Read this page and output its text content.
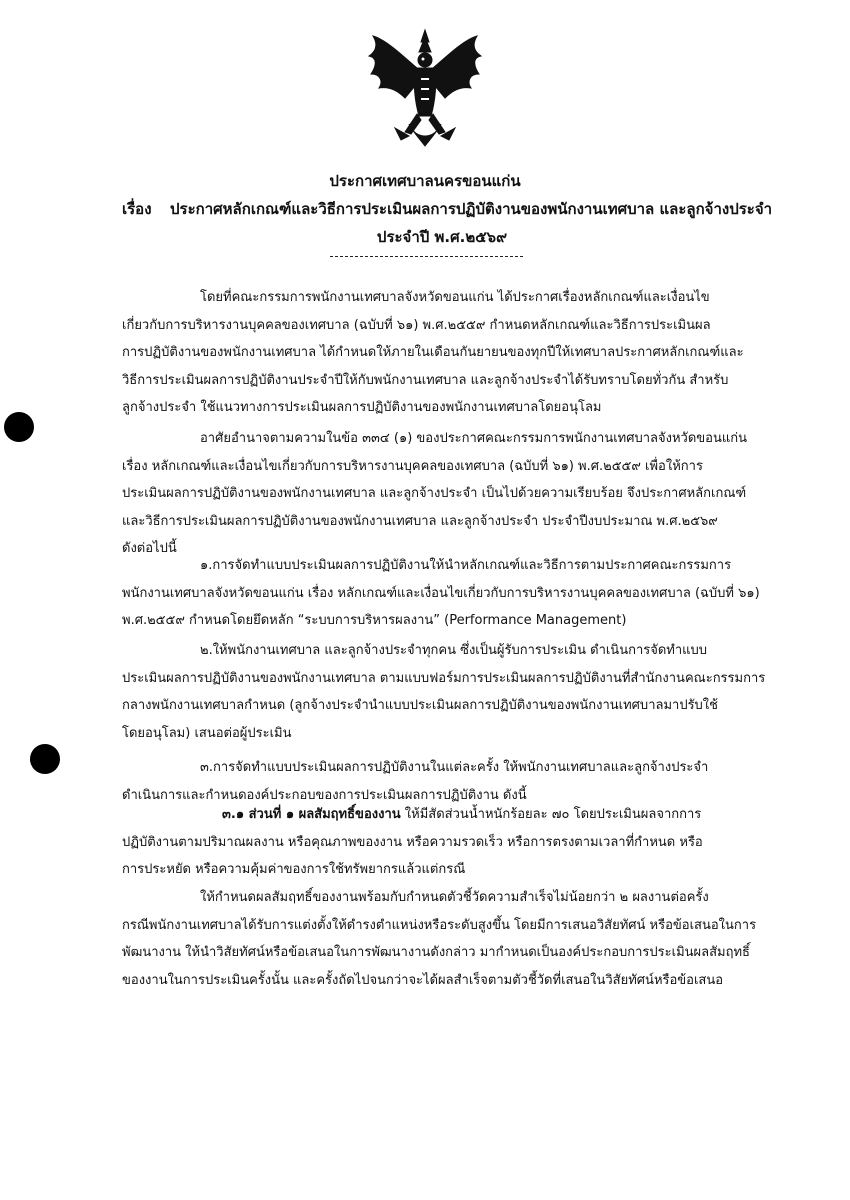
ประกาศเทศบาลนครขอนแก่น
เรื่อง ประกาศหลักเกณฑ์และวิธีการประเมินผลการปฏิบัติงานของพนักงานเทศบาล และลูกจ้างประจำ
ประจำปี พ.ศ.๒๕๖๙
โดยที่คณะกรรมการพนักงานเทศบาลจังหวัดขอนแก่น ได้ประกาศเรื่องหลักเกณฑ์และเงื่อนไข
เกี่ยวกับการบริหารงานบุคคลของเทศบาล (ฉบับที่ ๖๑) พ.ศ.๒๕๕๙ กำหนดหลักเกณฑ์และวิธีการประเมินผล
การปฏิบัติงานของพนักงานเทศบาล ได้กำหนดให้ภายในเดือนกันยายนของทุกปีให้เทศบาลประกาศหลักเกณฑ์และ
วิธีการประเมินผลการปฏิบัติงานประจำปีให้กับพนักงานเทศบาล และลูกจ้างประจำได้รับทราบโดยทั่วกัน สำหรับ
ลูกจ้างประจำ ใช้แนวทางการประเมินผลการปฏิบัติงานของพนักงานเทศบาลโดยอนุโลม
อาศัยอำนาจตามความในข้อ ๓๓๔ (๑) ของประกาศคณะกรรมการพนักงานเทศบาลจังหวัดขอนแก่น
เรื่อง หลักเกณฑ์และเงื่อนไขเกี่ยวกับการบริหารงานบุคคลของเทศบาล (ฉบับที่ ๖๑) พ.ศ.๒๕๕๙ เพื่อให้การ
ประเมินผลการปฏิบัติงานของพนักงานเทศบาล และลูกจ้างประจำ เป็นไปด้วยความเรียบร้อย จึงประกาศหลักเกณฑ์
และวิธีการประเมินผลการปฏิบัติงานของพนักงานเทศบาล และลูกจ้างประจำ ประจำปีงบประมาณ พ.ศ.๒๕๖๙
ดังต่อไปนี้
๑.การจัดทำแบบประเมินผลการปฏิบัติงานให้นำหลักเกณฑ์และวิธีการตามประกาศคณะกรรมการ
พนักงานเทศบาลจังหวัดขอนแก่น เรื่อง หลักเกณฑ์และเงื่อนไขเกี่ยวกับการบริหารงานบุคคลของเทศบาล (ฉบับที่ ๖๑)
พ.ศ.๒๕๕๙ กำหนดโดยยึดหลัก “ระบบการบริหารผลงาน” (Performance Management)
๒.ให้พนักงานเทศบาล และลูกจ้างประจำทุกคน ซึ่งเป็นผู้รับการประเมิน ดำเนินการจัดทำแบบ
ประเมินผลการปฏิบัติงานของพนักงานเทศบาล ตามแบบฟอร์มการประเมินผลการปฏิบัติงานที่สำนักงานคณะกรรมการ
กลางพนักงานเทศบาลกำหนด (ลูกจ้างประจำนำแบบประเมินผลการปฏิบัติงานของพนักงานเทศบาลมาปรับใช้
โดยอนุโลม) เสนอต่อผู้ประเมิน
๓.การจัดทำแบบประเมินผลการปฏิบัติงานในแต่ละครั้ง ให้พนักงานเทศบาลและลูกจ้างประจำ
ดำเนินการและกำหนดองค์ประกอบของการประเมินผลการปฏิบัติงาน ดังนี้
๓.๑ ส่วนที่ ๑ ผลสัมฤทธิ์ของงาน ให้มีสัดส่วนน้ำหนักร้อยละ ๗๐ โดยประเมินผลจากการ
ปฏิบัติงานตามปริมาณผลงาน หรือคุณภาพของงาน หรือความรวดเร็ว หรือการตรงตามเวลาที่กำหนด หรือ
การประหยัด หรือความคุ้มค่าของการใช้ทรัพยากรแล้วแต่กรณี
ให้กำหนดผลสัมฤทธิ์ของงานพร้อมกับกำหนดตัวชี้วัดความสำเร็จไม่น้อยกว่า ๒ ผลงานต่อครั้ง
กรณีพนักงานเทศบาลได้รับการแต่งตั้งให้ดำรงตำแหน่งหรือระดับสูงขึ้น โดยมีการเสนอวิสัยทัศน์ หรือข้อเสนอในการ
พัฒนางาน ให้นำวิสัยทัศน์หรือข้อเสนอในการพัฒนางานดังกล่าว มากำหนดเป็นองค์ประกอบการประเมินผลสัมฤทธิ์
ของงานในการประเมินครั้งนั้น และครั้งถัดไปจนกว่าจะได้ผลสำเร็จตามตัวชี้วัดที่เสนอในวิสัยทัศน์หรือข้อเสนอ
